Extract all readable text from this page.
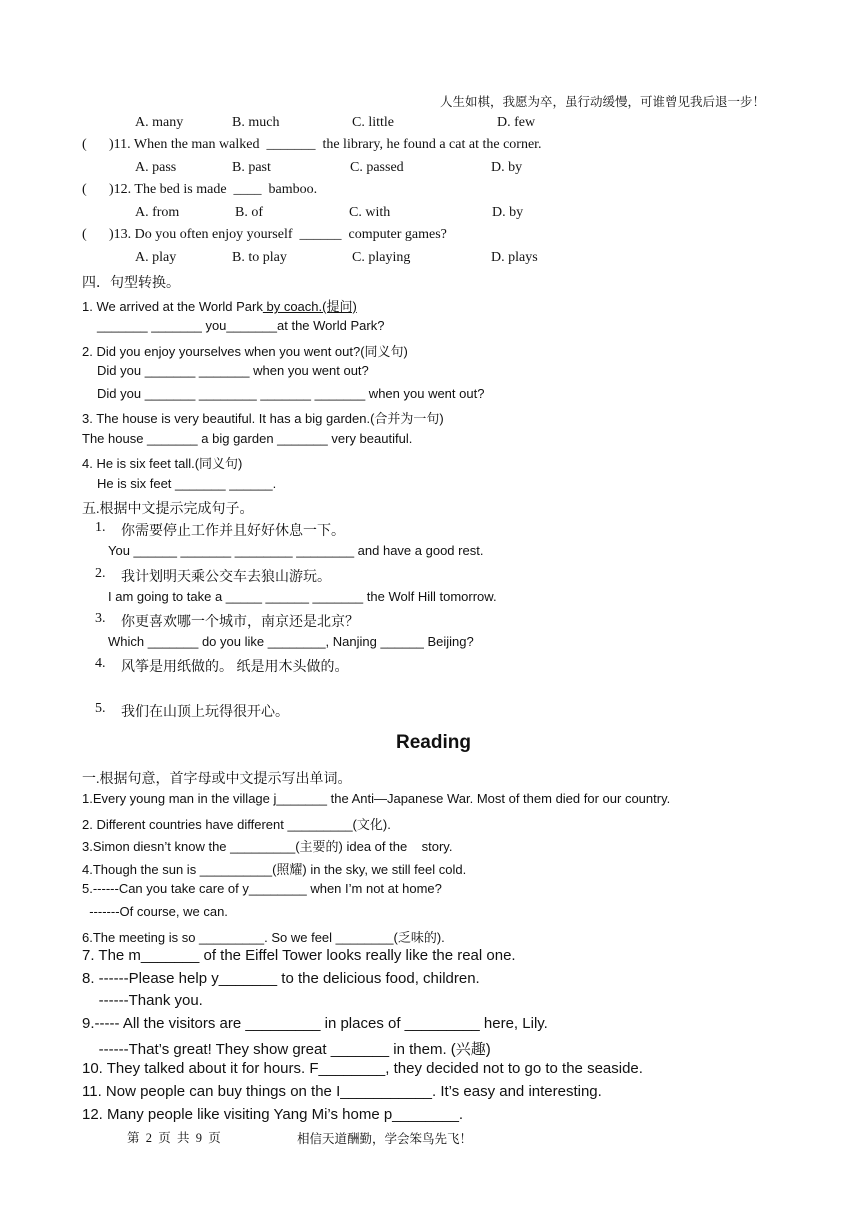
人生如棋，我愿为卒，虽行动缓慢，可谁曾见我后退一步！
A. many	B. much	C. little	D. few
( )11. When the man walked  _______  the library, he found a cat at the corner.
A. pass	B. past	C. passed	D. by
( )12. The bed is made  ____  bamboo.
A. from	B. of	C. with	D. by
( )13. Do you often enjoy yourself  ______  computer games?
A. play	B. to play	C. playing	D. plays
四．句型转换。
1. We arrived at the World Park by coach.(提问)
_______ _______ you_______at the World Park?
2. Did you enjoy yourselves when you went out?(同义句)
Did you _______ _______ when you went out?
Did you _______ ________ _______ _______ when you went out?
3. The house is very beautiful. It has a big garden.(合并为一句)
The house _______ a big garden _______ very beautiful.
4. He is six feet tall.(同义句)
He is six feet _______ ______.
五.根据中文提示完成句子。
1. 你需要停止工作并且好好休息一下。
You ______ _______ ________ ________ and have a good rest.
2. 我计划明天乘公交车去狼山游玩。
I am going to take a _____ ______ _______ the Wolf Hill tomorrow.
3. 你更喜欢哪一个城市，南京还是北京？
Which _______ do you like ________, Nanjing ______ Beijing?
4. 风筝是用纸做的。 纸是用木头做的。
5. 我们在山顶上玩得很开心。
Reading
一.根据句意，首字母或中文提示写出单词。
1.Every young man in the village j_______ the Anti—Japanese War. Most of them died for our country.
2. Different countries have different _________(文化).
3.Simon diesn’t know the _________(主要的) idea of the    story.
4.Though the sun is __________(照耀) in the sky, we still feel cold.
5.------Can you take care of y________ when I’m not at home?
-------Of course, we can.
6.The meeting is so _________. So we feel ________(乏味的).
7. The m_______ of the Eiffel Tower looks really like the real one.
8. ------Please help y_______ to the delicious food, children.
------Thank you.
9.----- All the visitors are _________ in places of _________ here, Lily.
------That’s great! They show great _______ in them. (兴趣)
10. They talked about it for hours. F________, they decided not to go to the seaside.
11. Now people can buy things on the I___________. It’s easy and interesting.
12. Many people like visiting Yang Mi’s home p________.
第  2  页  共  9  页	相信天道酬勤，学会笨鸟先飞！
